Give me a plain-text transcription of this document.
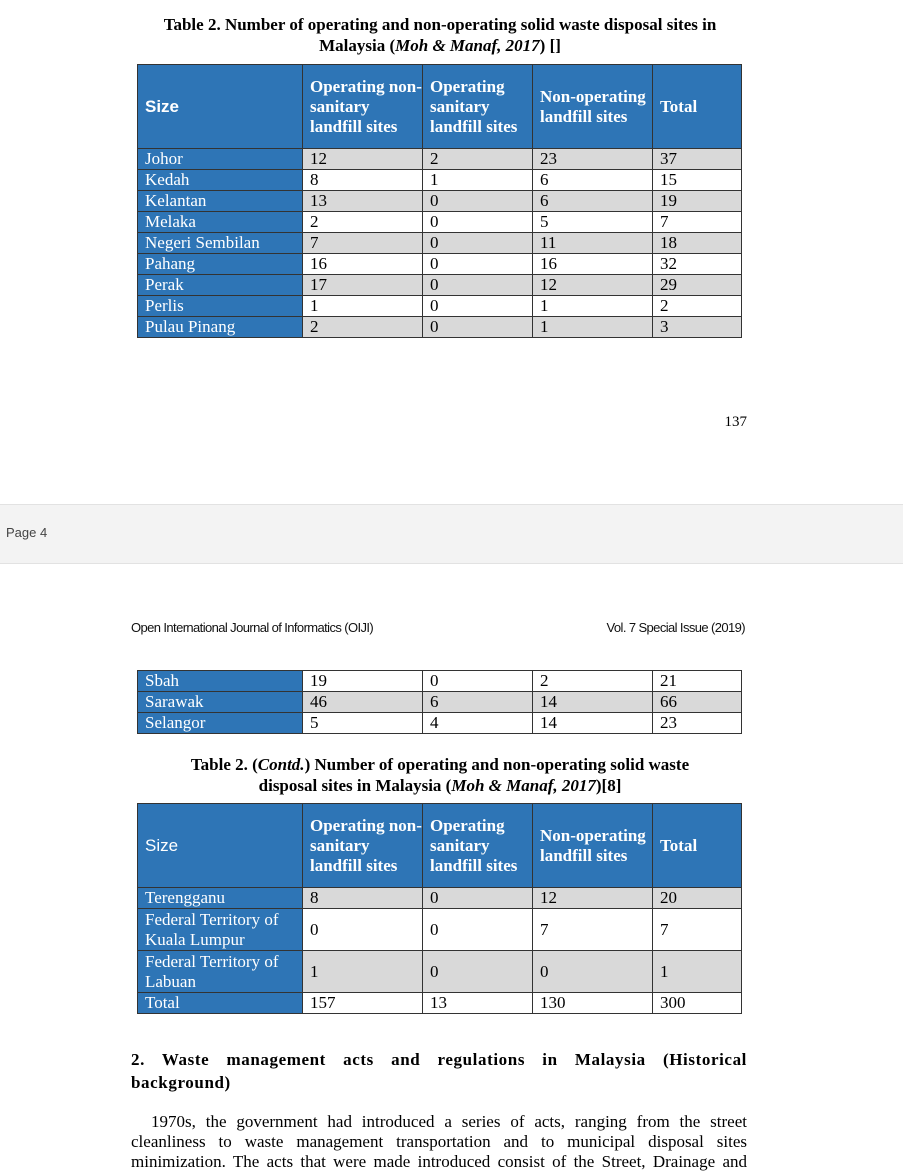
Table 2. Number of operating and non-operating solid waste disposal sites in
Malaysia (Moh & Manaf, 2017) []
Size	Operating non-sanitary landfill sites	Operating sanitary landfill sites	Non-operating landfill sites	Total
Johor	12	2	23	37
Kedah	8	1	6	15
Kelantan	13	0	6	19
Melaka	2	0	5	7
Negeri Sembilan	7	0	11	18
Pahang	16	0	16	32
Perak	17	0	12	29
Perlis	1	0	1	2
Pulau Pinang	2	0	1	3
137
Page 4
Open International Journal of Informatics (OIJI)	Vol. 7 Special Issue (2019)
Sbah	19	0	2	21
Sarawak	46	6	14	66
Selangor	5	4	14	23
Table 2. (Contd.) Number of operating and non-operating solid waste
disposal sites in Malaysia (Moh & Manaf, 2017)[8]
Size	Operating non-sanitary landfill sites	Operating sanitary landfill sites	Non-operating landfill sites	Total
Terengganu	8	0	12	20
Federal Territory of Kuala Lumpur	0	0	7	7
Federal Territory of Labuan	1	0	0	1
Total	157	13	130	300
2. Waste management acts and regulations in Malaysia (Historical background)
1970s, the government had introduced a series of acts, ranging from the street
cleanliness to waste management transportation and to municipal disposal sites
minimization. The acts that were made introduced consist of the Street, Drainage and
